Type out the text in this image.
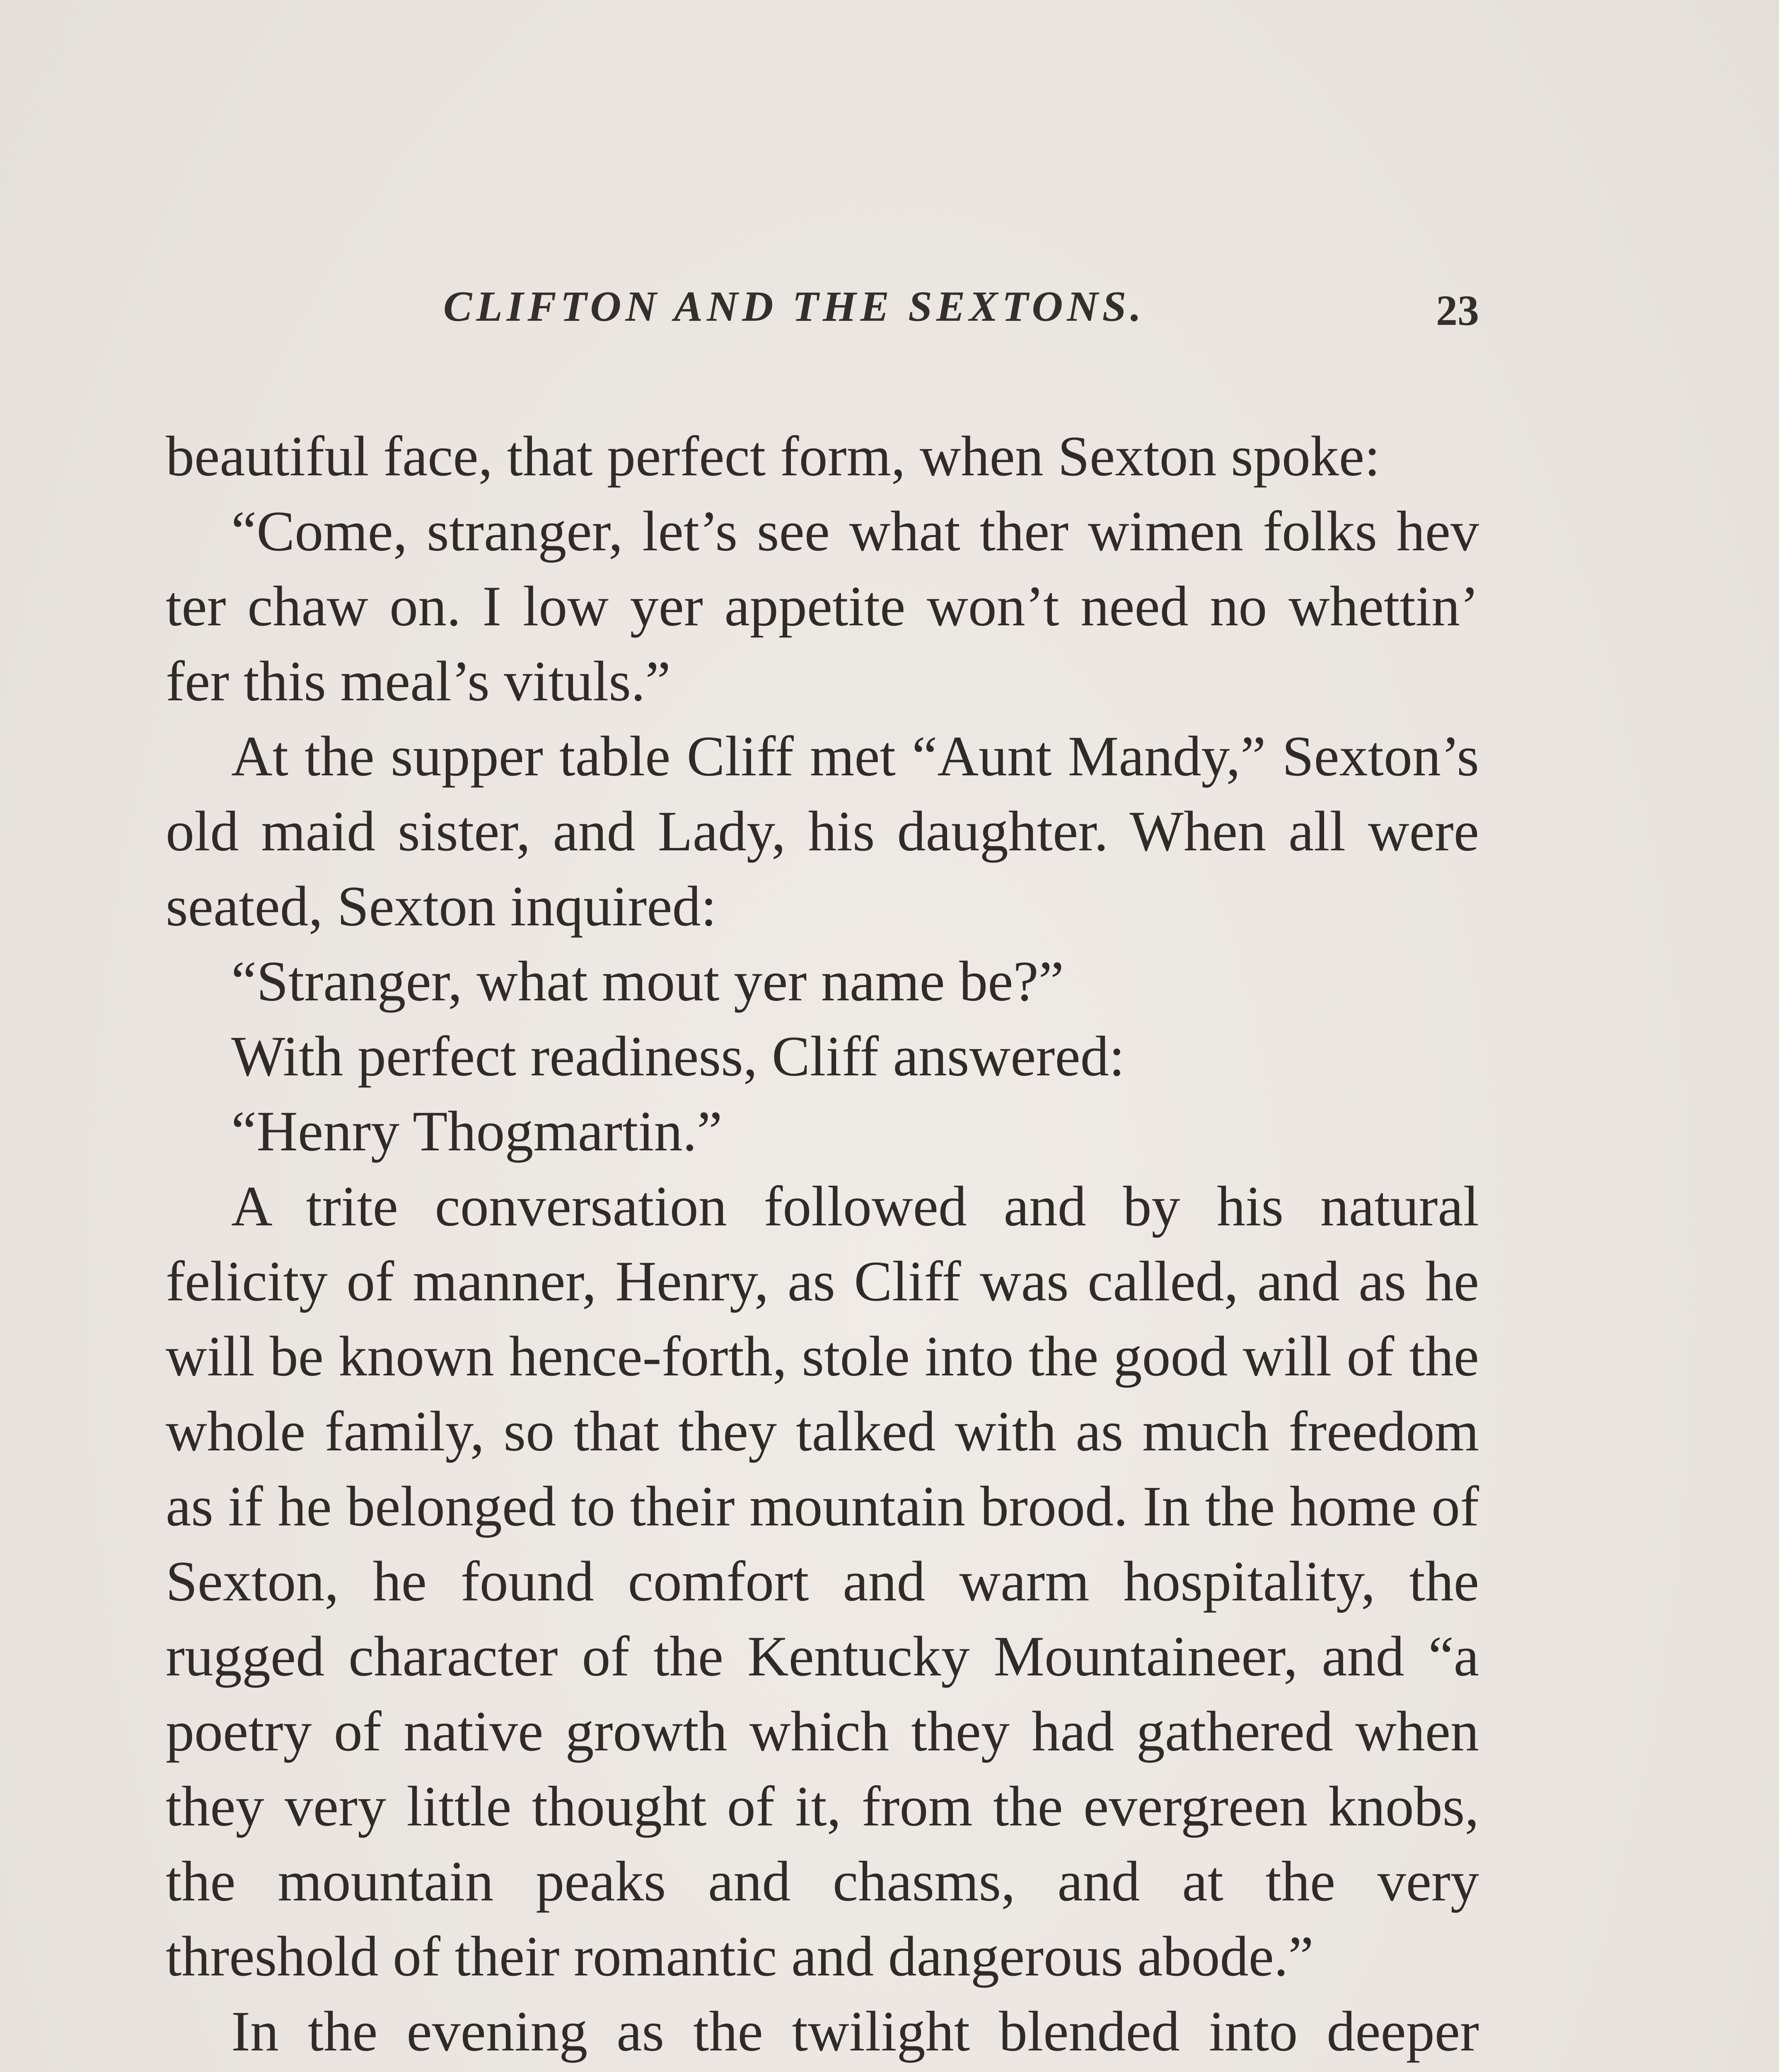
CLIFTON AND THE SEXTONS.	23

beautiful face, that perfect form, when Sexton spoke:

“Come, stranger, let’s see what ther wimen folks hev ter chaw on. I low yer appetite won’t need no whettin’ fer this meal’s vituls.”

At the supper table Cliff met “Aunt Mandy,” Sexton’s old maid sister, and Lady, his daughter. When all were seated, Sexton inquired:

“Stranger, what mout yer name be?”

With perfect readiness, Cliff answered:

“Henry Thogmartin.”

A trite conversation followed and by his natural felicity of manner, Henry, as Cliff was called, and as he will be known hence-forth, stole into the good will of the whole family, so that they talked with as much freedom as if he belonged to their mountain brood. In the home of Sexton, he found comfort and warm hospitality, the rugged character of the Kentucky Mountaineer, and “a poetry of native growth which they had gathered when they very little thought of it, from the evergreen knobs, the mountain peaks and chasms, and at the very threshold of their romantic and dangerous abode.”

In the evening as the twilight blended into deeper
